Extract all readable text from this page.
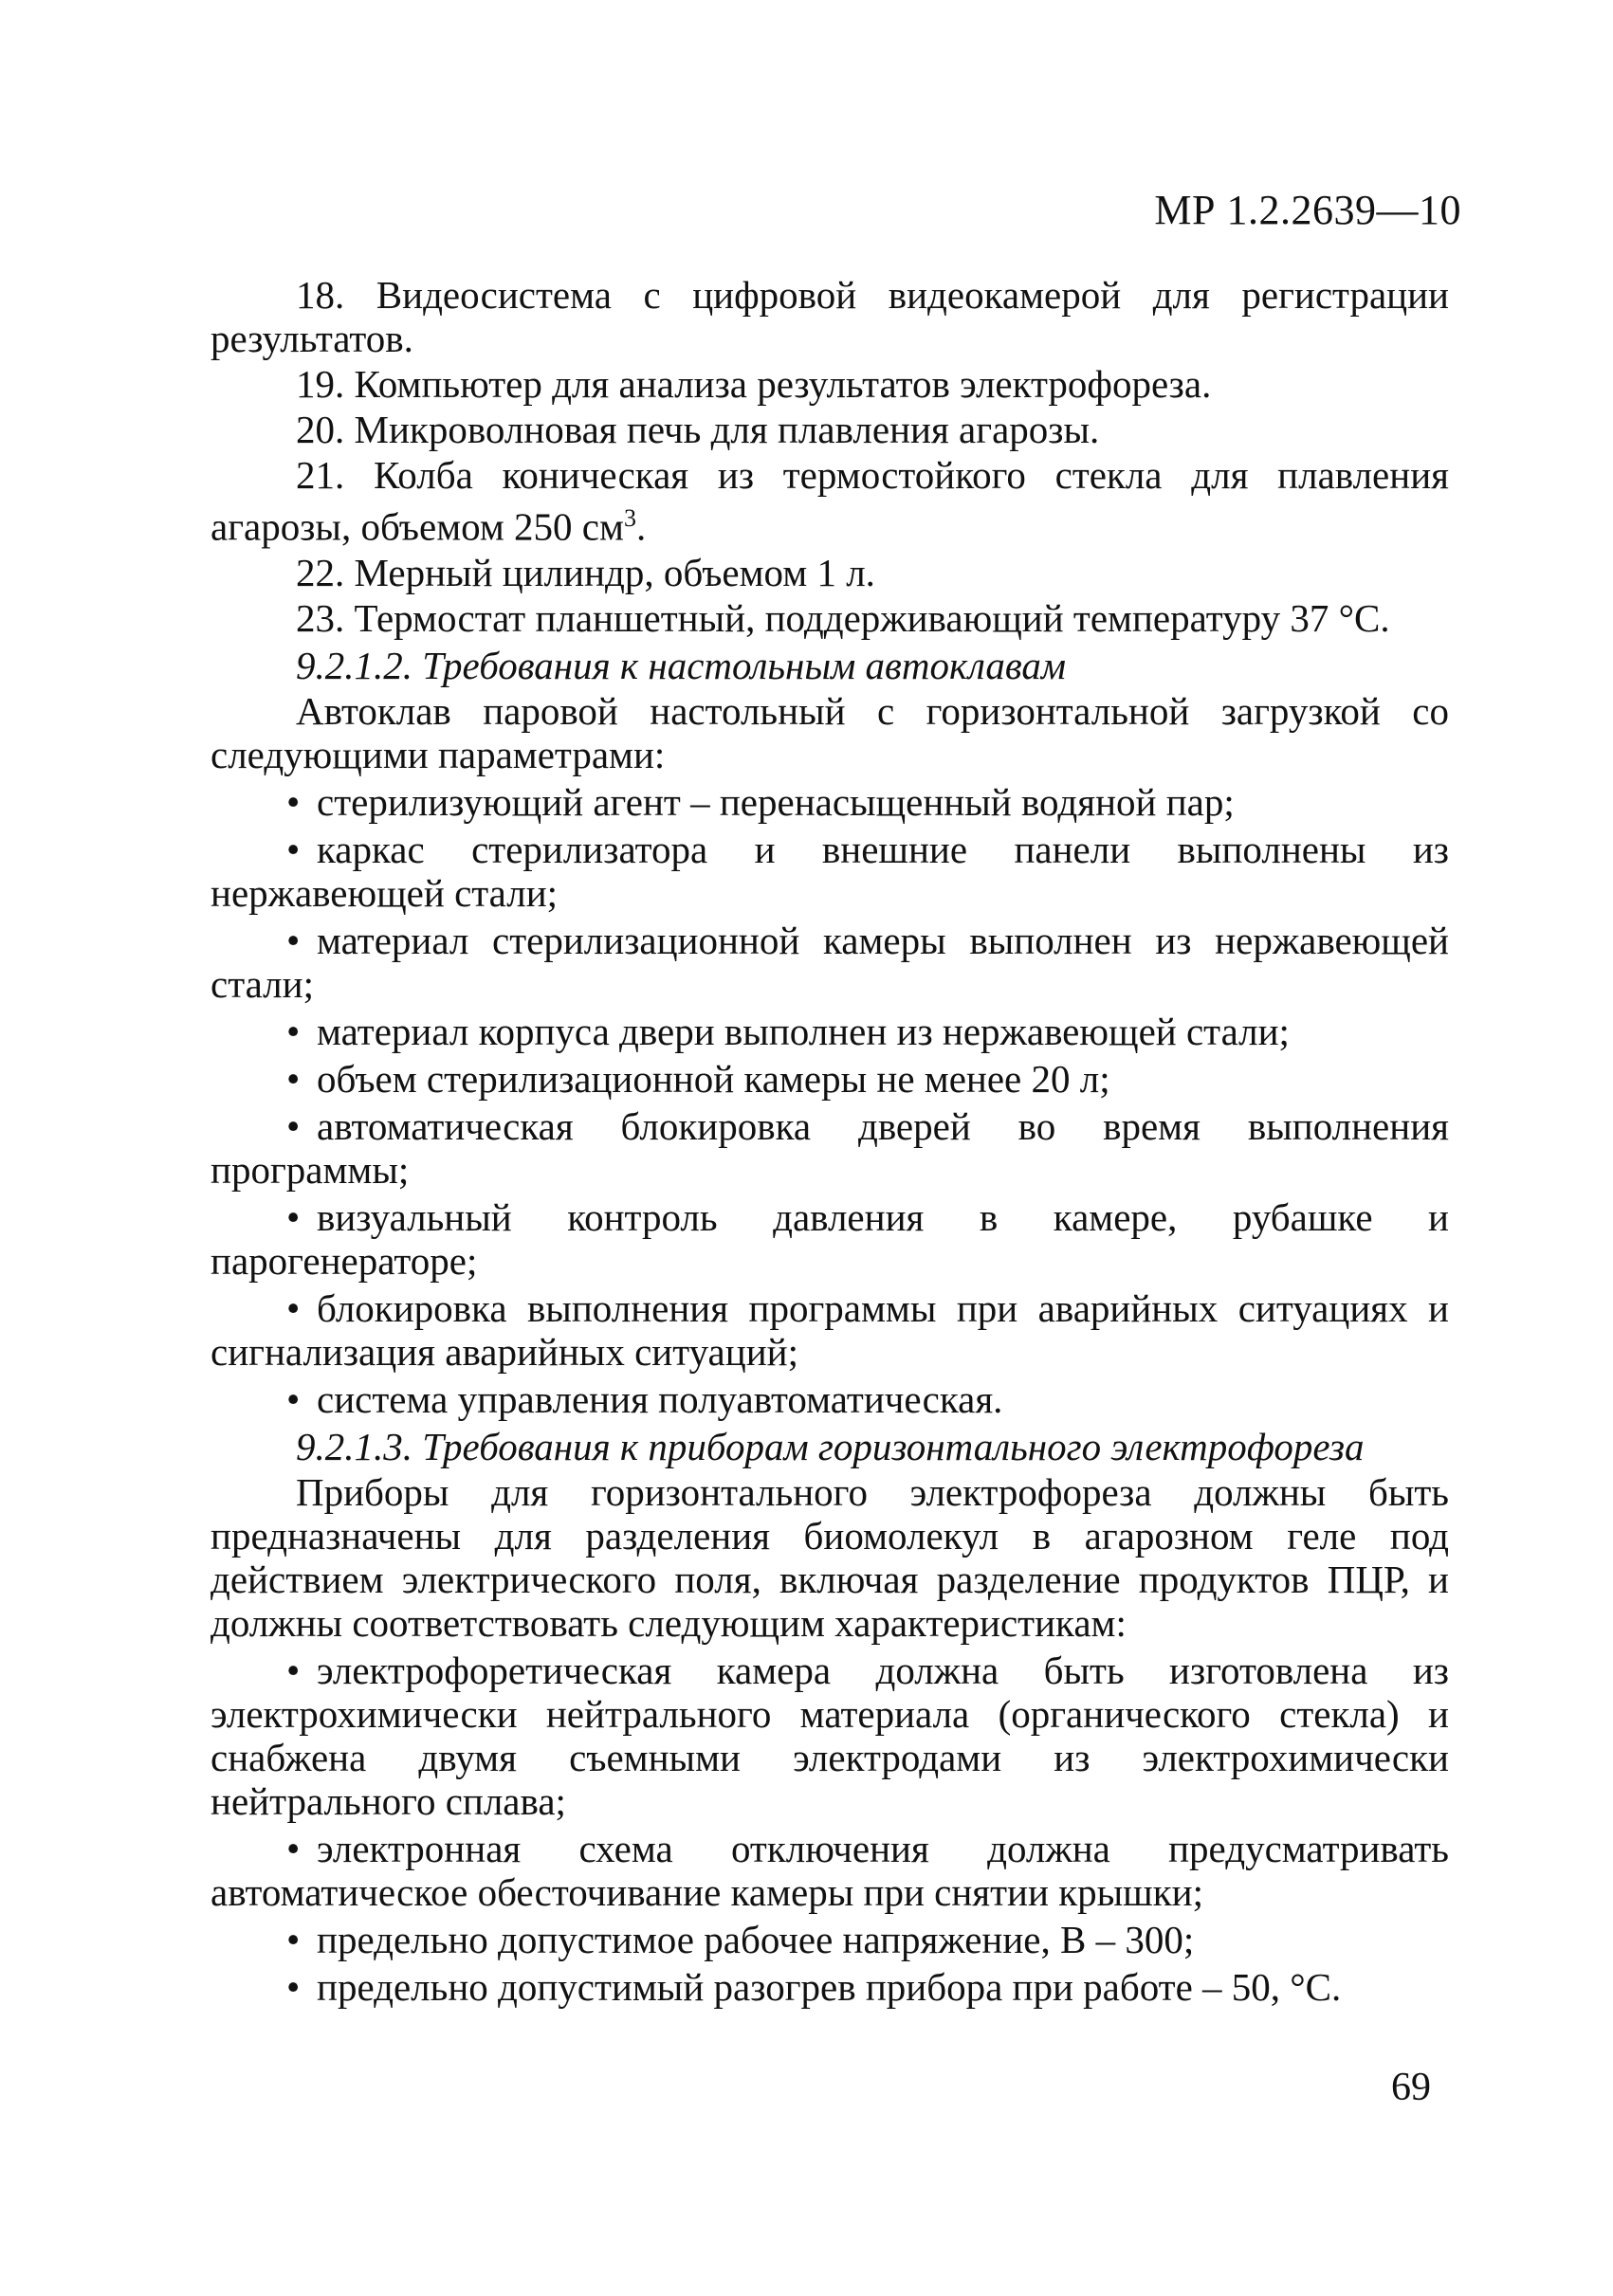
МР 1.2.2639—10

18. Видеосистема с цифровой видеокамерой для регистрации результатов.

19. Компьютер для анализа результатов электрофореза.

20. Микроволновая печь для плавления агарозы.

21. Колба коническая из термостойкого стекла для плавления агарозы, объемом 250 $см^3$.

22. Мерный цилиндр, объемом 1 л.

23. Термостат планшетный, поддерживающий температуру 37 °С.

9.2.1.2. Требования к настольным автоклавам

Автоклав паровой настольный с горизонтальной загрузкой со следующими параметрами:

• стерилизующий агент – перенасыщенный водяной пар;

• каркас стерилизатора и внешние панели выполнены из нержавеющей стали;

• материал стерилизационной камеры выполнен из нержавеющей стали;

• материал корпуса двери выполнен из нержавеющей стали;

• объем стерилизационной камеры не менее 20 л;

• автоматическая блокировка дверей во время выполнения программы;

• визуальный контроль давления в камере, рубашке и парогенераторе;

• блокировка выполнения программы при аварийных ситуациях и сигнализация аварийных ситуаций;

• система управления полуавтоматическая.

9.2.1.3. Требования к приборам горизонтального электрофореза

Приборы для горизонтального электрофореза должны быть предназначены для разделения биомолекул в агарозном геле под действием электрического поля, включая разделение продуктов ПЦР, и должны соответствовать следующим характеристикам:

• электрофоретическая камера должна быть изготовлена из электрохимически нейтрального материала (органического стекла) и снабжена двумя съемными электродами из электрохимически нейтрального сплава;

• электронная схема отключения должна предусматривать автоматическое обесточивание камеры при снятии крышки;

• предельно допустимое рабочее напряжение, В – 300;

• предельно допустимый разогрев прибора при работе – 50, °С.

69
